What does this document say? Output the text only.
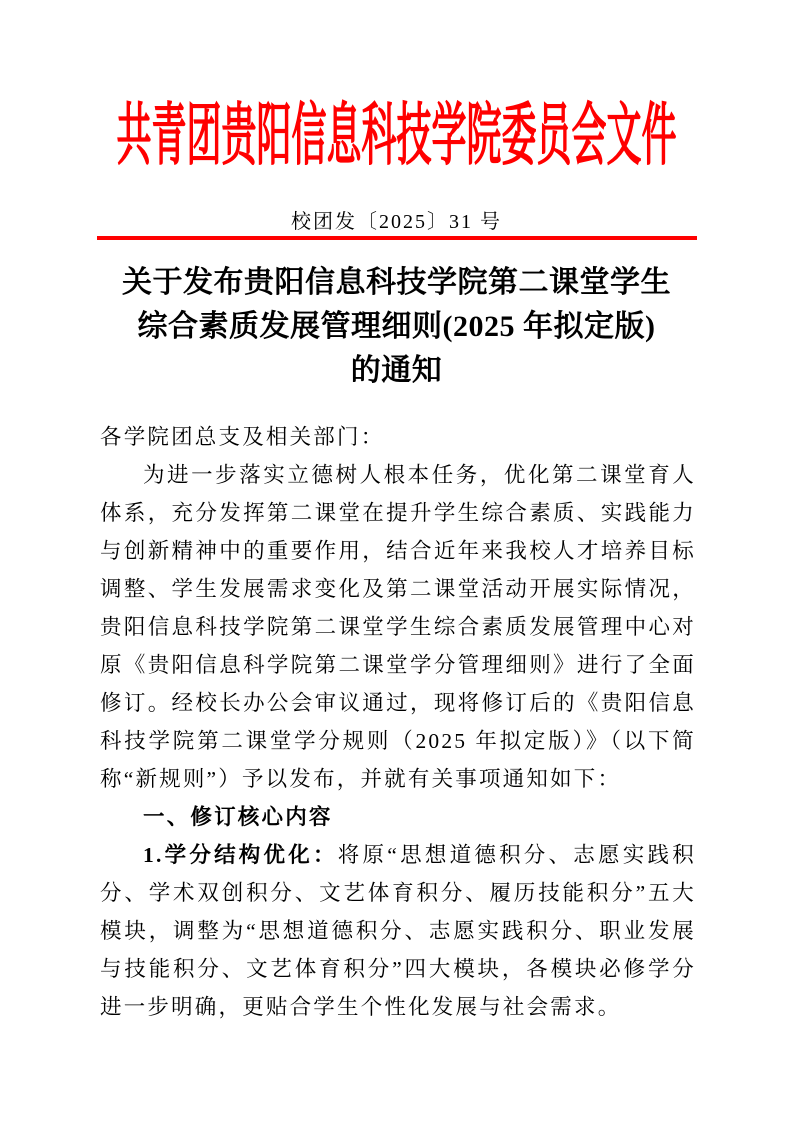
共青团贵阳信息科技学院委员会文件
校团发〔2025〕31 号
关于发布贵阳信息科技学院第二课堂学生
综合素质发展管理细则(2025 年拟定版)
的通知

各学院团总支及相关部门：

为进一步落实立德树人根本任务，优化第二课堂育人体系，充分发挥第二课堂在提升学生综合素质、实践能力与创新精神中的重要作用，结合近年来我校人才培养目标调整、学生发展需求变化及第二课堂活动开展实际情况，贵阳信息科技学院第二课堂学生综合素质发展管理中心对原《贵阳信息科学院第二课堂学分管理细则》进行了全面修订。经校长办公会审议通过，现将修订后的《贵阳信息科技学院第二课堂学分规则（2025 年拟定版）》（以下简称“新规则”）予以发布，并就有关事项通知如下：

一、修订核心内容

1.学分结构优化：将原“思想道德积分、志愿实践积分、学术双创积分、文艺体育积分、履历技能积分”五大模块，调整为“思想道德积分、志愿实践积分、职业发展与技能积分、文艺体育积分”四大模块，各模块必修学分进一步明确，更贴合学生个性化发展与社会需求。
